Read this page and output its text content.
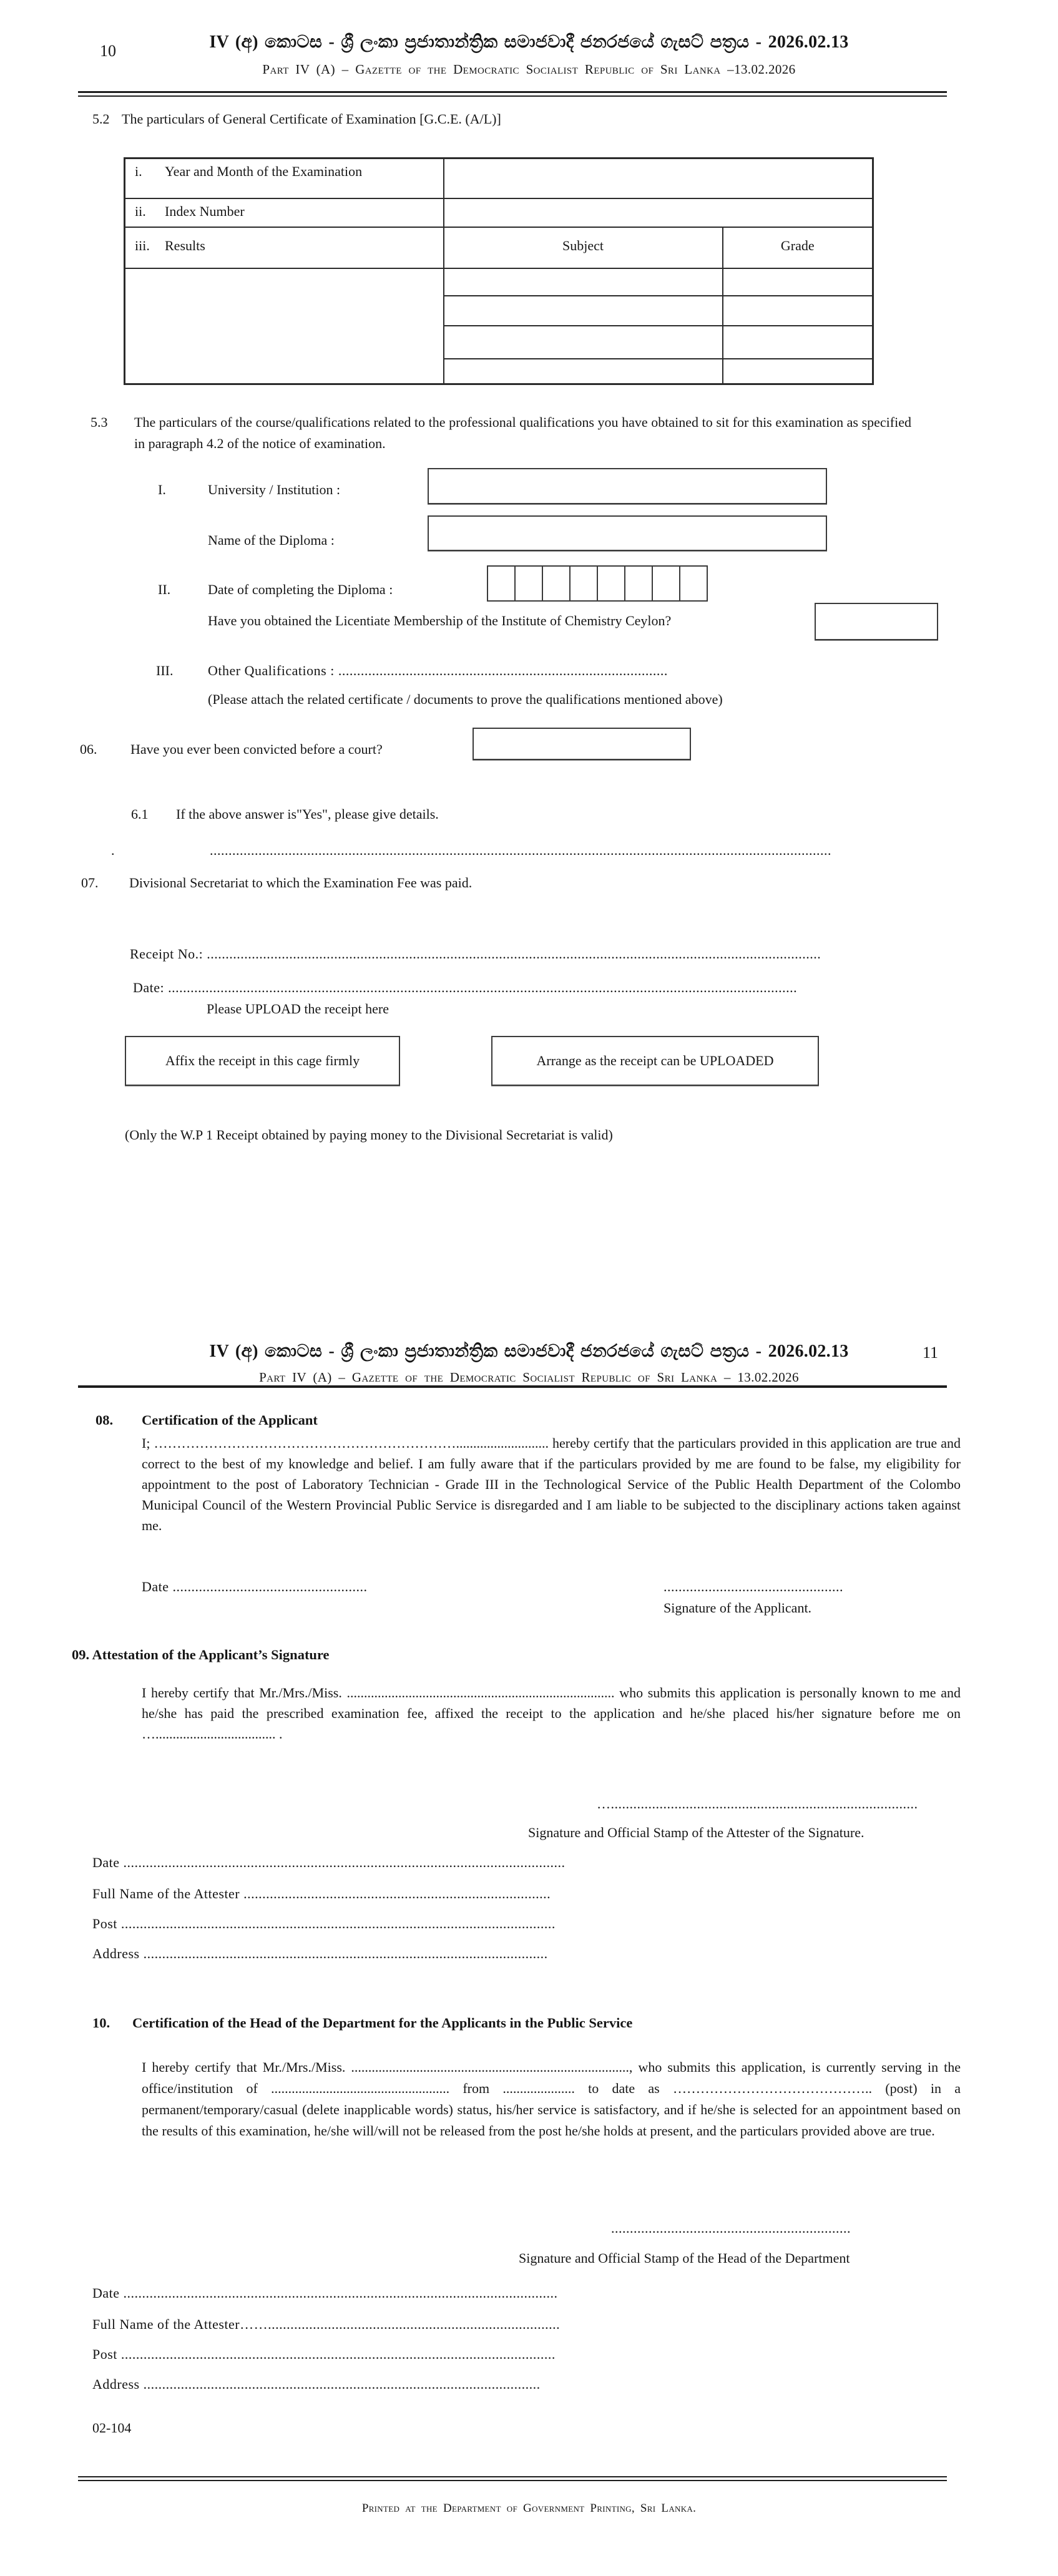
10	IV (අ) කොටස - ශ්‍රී ලංකා ප්‍රජාතාන්ත්‍රික සමාජවාදී ජනරජයේ ගැසට් පත්‍රය - 2026.02.13
Part IV (A) – Gazette of the Democratic Socialist Republic of Sri Lanka –13.02.2026
5.2 The particulars of General Certificate of Examination [G.C.E. (A/L)]
i. Year and Month of the Examination		
ii. Index Number		
iii. Results	Subject	Grade

5.3 The particulars of the course/qualifications related to the professional qualifications you have obtained to sit for this examination as specified in paragraph 4.2 of the notice of examination.
I.	University / Institution :
Name of the Diploma :
II.	Date of completing the Diploma :
Have you obtained the Licentiate Membership of the Institute of Chemistry Ceylon?
III.	Other Qualifications : ........................................................................................
(Please attach the related certificate / documents to prove the qualifications mentioned above)
06. Have you ever been convicted before a court?
6.1 If the above answer is"Yes", please give details.
.	......................................................................................................................................................................
07. Divisional Secretariat to which the Examination Fee was paid.
Receipt No.: ....................................................................................................................................................................
Date: ........................................................................................................................................................................
Please UPLOAD the receipt here
Affix the receipt in this cage firmly	Arrange as the receipt can be UPLOADED
(Only the W.P 1 Receipt obtained by paying money to the Divisional Secretariat is valid)
IV (අ) කොටස - ශ්‍රී ලංකා ප්‍රජාතාන්ත්‍රික සමාජවාදී ජනරජයේ ගැසට් පත්‍රය - 2026.02.13	11
Part IV (A) – Gazette of the Democratic Socialist Republic of Sri Lanka – 13.02.2026
08. Certification of the Applicant
I; …………………………………………………………........................... hereby certify that the particulars provided in this application are true and correct to the best of my knowledge and belief. I am fully aware that if the particulars provided by me are found to be false, my eligibility for appointment to the post of Laboratory Technician - Grade III in the Technological Service of the Public Health Department of the Colombo Municipal Council of the Western Provincial Public Service is disregarded and I am liable to be subjected to the disciplinary actions taken against me.
Date ....................................................	................................................
Signature of the Applicant.
09. Attestation of the Applicant’s Signature
I hereby certify that Mr./Mrs./Miss. .............................................................................. who submits this application is personally known to me and he/she has paid the prescribed examination fee, affixed the receipt to the application and he/she placed his/her signature before me on …................................... .
…..................................................................................
Signature and Official Stamp of the Attester of the Signature.
Date ......................................................................................................................
Full Name of the Attester ..................................................................................
Post ....................................................................................................................
Address ............................................................................................................
10. Certification of the Head of the Department for the Applicants in the Public Service
I hereby certify that Mr./Mrs./Miss. ................................................................................., who submits this application, is currently serving in the office/institution of .................................................... from ..................... to date as …………………………………….. (post) in a permanent/temporary/casual (delete inapplicable words) status, his/her service is satisfactory, and if he/she is selected for an appointment based on the results of this examination, he/she will/will not be released from the post he/she holds at present, and the particulars provided above are true.
................................................................
Signature and Official Stamp of the Head of the Department
Date ....................................................................................................................
Full Name of the Attester……..............................................................................
Post ....................................................................................................................
Address ..........................................................................................................
02-104
Printed at the Department of Government Printing, Sri Lanka.
